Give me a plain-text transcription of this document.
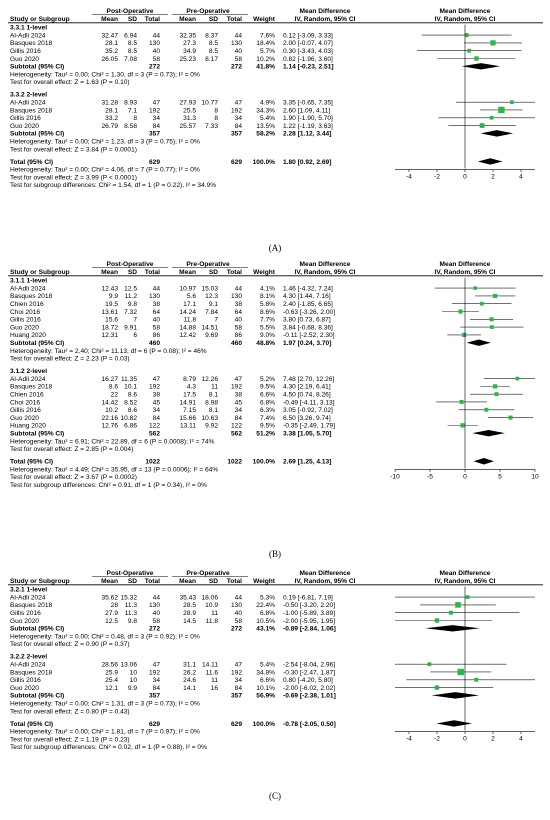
Post-Operative	Pre-Operative	Mean Difference	Mean Difference
Study or Subgroup	Mean SD Total	Mean SD Total Weight	IV, Random, 95% CI	IV, Random, 95% CI
3.3.1 1-level
Al-Adli 2024	32.47 6.94 44	32.35 8.37	44	7.6% 0.12 [-3.09, 3.33]
Basques 2018	28.1 8.5 130	27.3 8.5 130 18.4% 2.00 [-0.07, 4.07]
Gillis 2016	35.2 8.5 40	34.9 8.5	40	5.7% 0.30 [-3.43, 4.03]
Guo 2020	26.05 7.08 58	25.23 8.17	58 10.2% 0.82 [-1.96, 3.60]
Subtotal (95% CI)	272	272 41.8% 1.14 [-0.23, 2.51]
Heterogeneity: Tau² = 0.00; Chi² = 1.30, df = 3 (P = 0.73); I² = 0%
Test for overall effect: Z = 1.63 (P = 0.10)
3.3.2 2-level
Al-Adli 2024	31.28 8.93 47	27.93 10.77	47	4.9% 3.35 [-0.65, 7.35]
Basques 2018	28.1 7.1 192	25.5	8 192 34.3% 2.60 [1.09, 4.11]
Gillis 2016	33.2 8 34	31.3	8	34	5.4% 1.90 [-1.90, 5.70]
Guo 2020	26.79 8.58 84	25.57 7.33	84 13.5% 1.22 [-1.19, 3.63]
Subtotal (95% CI)	357	357 58.2% 2.28 [1.12, 3.44]
Heterogeneity: Tau² = 0.00; Chi² = 1.23, df = 3 (P = 0.75); I² = 0%
Test for overall effect: Z = 3.84 (P = 0.0001)
Total (95% CI)	629	629 100.0% 1.80 [0.92, 2.69]
Heterogeneity: Tau² = 0.00; Chi² = 4.06, df = 7 (P = 0.77); I² = 0%
Test for overall effect: Z = 3.99 (P < 0.0001)
Test for subgroup differences: Chi² = 1.54, df = 1 (P = 0.22), I² = 34.9%
-4	-2	0	2	4
(A)
Post-Operative	Pre-Operative	Mean Difference	Mean Difference
Study or Subgroup	Mean SD Total	Mean SD Total Weight	IV, Random, 95% CI	IV, Random, 95% CI
3.1.1 1-level
Al-Adli 2024	12.43 12.5 44	10.97 15.03	44	4.1% 1.46 [-4.32, 7.24]
Basques 2018	9.9 11.2 130	5.6 12.3 130	8.1% 4.30 [1.44, 7.16]
Chien 2016	19.5 9.8 38	17.1 9.1	38	5.8% 2.40 [-1.85, 6.65]
Choi 2016	13.61 7.32 64	14.24 7.84	64	8.6% -0.63 [-3.26, 2.00]
Gillis 2016	15.6 7 40	11.8	7	40	7.7% 3.80 [0.73, 6.87]
Guo 2020	18.72 9.91 58	14.88 14.51	58	5.5% 3.84 [-0.68, 8.36]
Huang 2020	12.31 6 86	12.42 9.69	86	9.0% -0.11 [-2.52, 2.30]
Subtotal (95% CI)	460	460 48.8% 1.97 [0.24, 3.70]
Heterogeneity: Tau² = 2.40; Chi² = 11.13, df = 6 (P = 0.08); I² = 46%
Test for overall effect: Z = 2.23 (P = 0.03)
3.1.2 2-level
Al-Adli 2024	16.27 11.35 47	8.79 12.26	47	5.2% 7.48 [2.70, 12.26]
Basques 2018	8.6 10.1 192	4.3 11 192	9.5% 4.30 [2.19, 6.41]
Chien 2016	22 8.6 38	17.5 8.1	38	6.6% 4.50 [0.74, 8.26]
Choi 2016	14.42 8.52 45	14.91 8.98	45	6.8% -0.49 [-4.11, 3.13]
Gillis 2016	10.2 8.6 34	7.15 8.1	34	6.3% 3.05 [-0.92, 7.02]
Guo 2020	22.16 10.82 84	15.66 10.63	84	7.4% 6.50 [3.26, 9.74]
Huang 2020	12.76 6.86 122	13.11 9.92 122	9.5% -0.35 [-2.49, 1.79]
Subtotal (95% CI)	562	562 51.2% 3.38 [1.05, 5.70]
Heterogeneity: Tau² = 6.91; Chi² = 22.89, df = 6 (P = 0.0008); I² = 74%
Test for overall effect: Z = 2.85 (P = 0.004)
Total (95% CI)	1022	1022 100.0% 2.69 [1.25, 4.13]
Heterogeneity: Tau² = 4.49; Chi² = 35.95, df = 13 (P = 0.0006); I² = 64%
Test for overall effect: Z = 3.67 (P = 0.0002)
Test for subgroup differences: Chi² = 0.91, df = 1 (P = 0.34), I² = 0%
-10	-5	0	5	10
(B)
Post-Operative	Pre-Operative	Mean Difference	Mean Difference
Study or Subgroup	Mean SD Total	Mean SD Total Weight	IV, Random, 95% CI	IV, Random, 95% CI
3.2.1 1-level
Al-Adli 2024	35.62 15.32 44	35.43 18.06	44	5.3% 0.19 [-6.81, 7.19]
Basques 2018	28 11.3 130	28.5 10.9 130 22.4% -0.50 [-3.20, 2.20]
Gillis 2016	27.9 11.3 40	28.9 11	40	6.8% -1.00 [-5.89, 3.89]
Guo 2020	12.5 9.8 58	14.5 11.8	58 10.5% -2.00 [-5.95, 1.95]
Subtotal (95% CI)	272	272 43.1% -0.89 [-2.84, 1.06]
Heterogeneity: Tau² = 0.00; Chi² = 0.48, df = 3 (P = 0.92); I² = 0%
Test for overall effect: Z = 0.90 (P = 0.37)
3.2.2 2-level
Al-Adli 2024	28.56 13.06 47	31.1 14.11	47	5.4% -2.54 [-8.04, 2.96]
Basques 2018	25.9 10 192	26.2 11.6 192 34.8% -0.30 [-2.47, 1.87]
Gillis 2016	25.4 10 34	24.6 11	34	6.6% 0.80 [-4.20, 5.80]
Guo 2020	12.1 9.9 84	14.1 16	84 10.1% -2.00 [-6.02, 2.02]
Subtotal (95% CI)	357	357 56.9% -0.69 [-2.38, 1.01]
Heterogeneity: Tau² = 0.00; Chi² = 1.31, df = 3 (P = 0.73); I² = 0%
Test for overall effect: Z = 0.80 (P = 0.43)
Total (95% CI)	629	629 100.0% -0.78 [-2.05, 0.50]
Heterogeneity: Tau² = 0.00; Chi² = 1.81, df = 7 (P = 0.97); I² = 0%
Test for overall effect: Z = 1.19 (P = 0.23)
Test for subgroup differences: Chi² = 0.02, df = 1 (P = 0.88), I² = 0%
-4	-2	0	2	4
(C)
